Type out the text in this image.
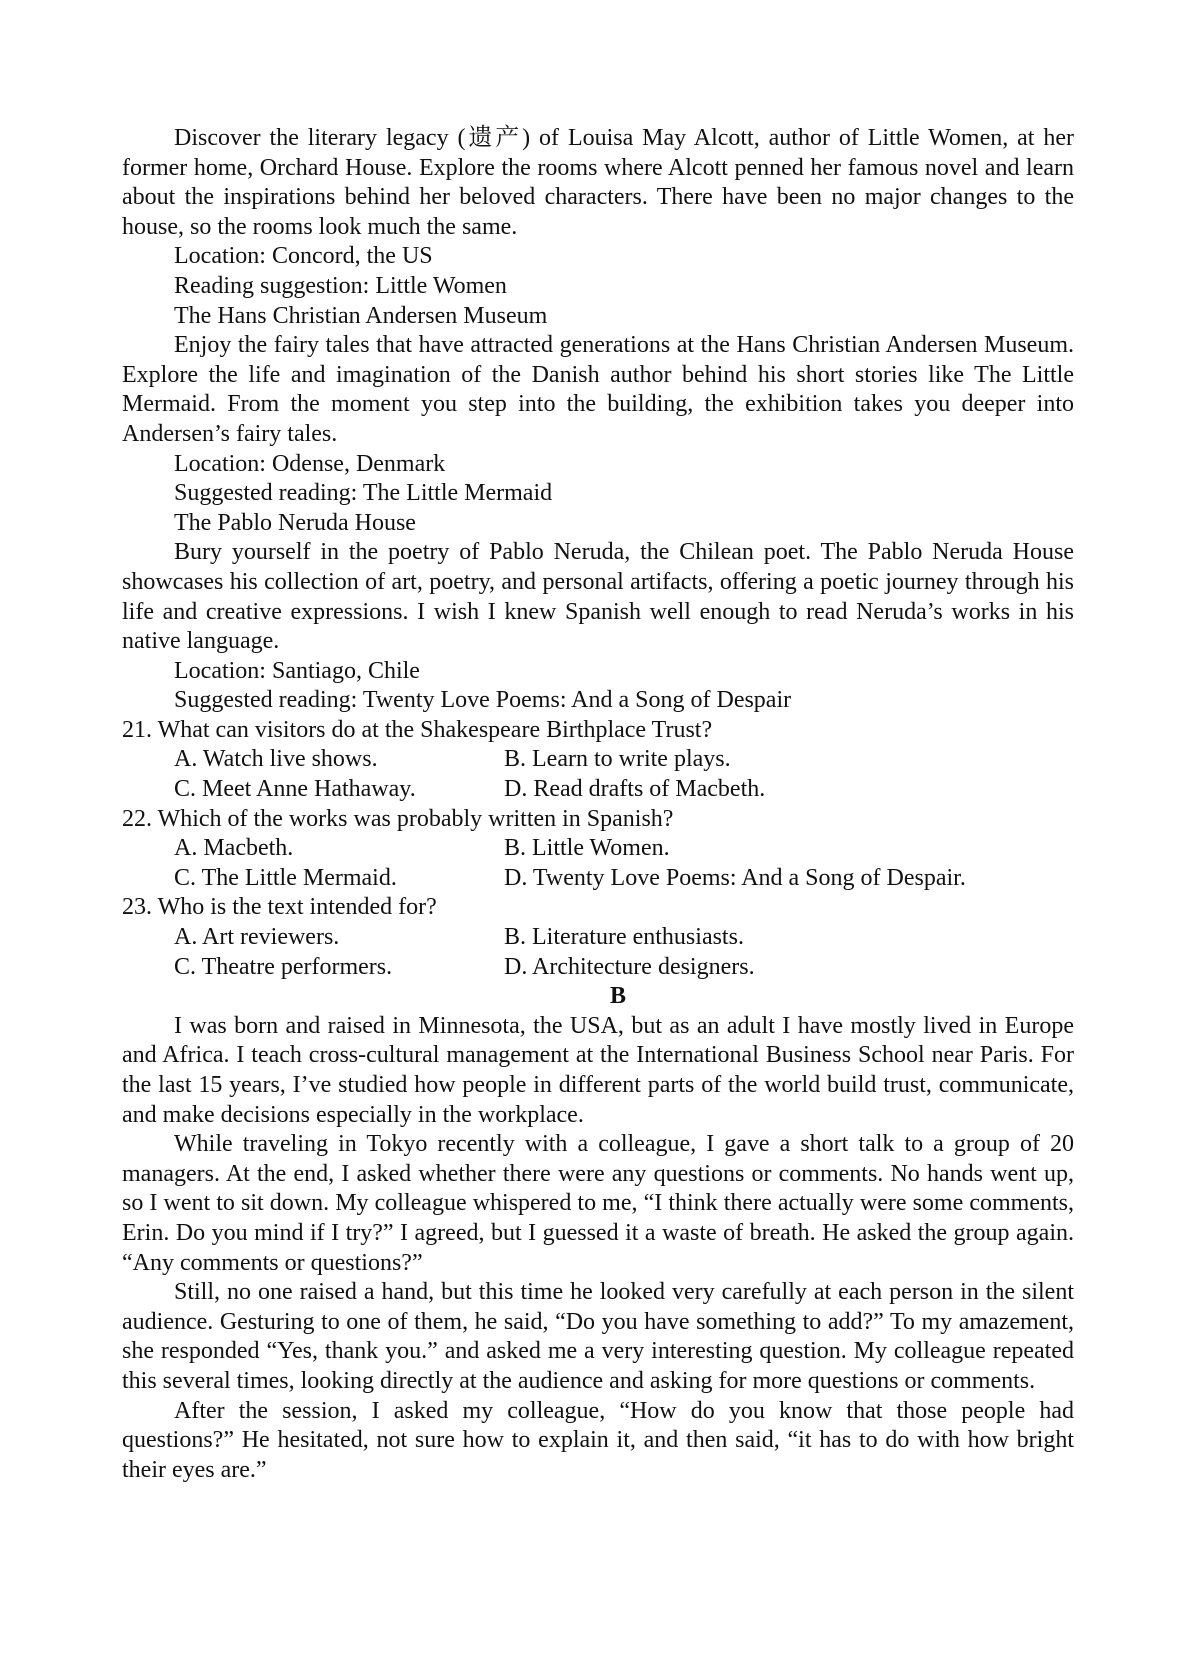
Discover the literary legacy (遗产) of Louisa May Alcott, author of Little Women, at her former home, Orchard House. Explore the rooms where Alcott penned her famous novel and learn about the inspirations behind her beloved characters. There have been no major changes to the house, so the rooms look much the same.

Location: Concord, the US

Reading suggestion: Little Women

The Hans Christian Andersen Museum

Enjoy the fairy tales that have attracted generations at the Hans Christian Andersen Museum. Explore the life and imagination of the Danish author behind his short stories like The Little Mermaid. From the moment you step into the building, the exhibition takes you deeper into Andersen’s fairy tales.

Location: Odense, Denmark

Suggested reading: The Little Mermaid

The Pablo Neruda House

Bury yourself in the poetry of Pablo Neruda, the Chilean poet. The Pablo Neruda House showcases his collection of art, poetry, and personal artifacts, offering a poetic journey through his life and creative expressions. I wish I knew Spanish well enough to read Neruda’s works in his native language.

Location: Santiago, Chile

Suggested reading: Twenty Love Poems: And a Song of Despair

21. What can visitors do at the Shakespeare Birthplace Trust?

A. Watch live shows.	B. Learn to write plays.
C. Meet Anne Hathaway.	D. Read drafts of Macbeth.

22. Which of the works was probably written in Spanish?

A. Macbeth.	B. Little Women.
C. The Little Mermaid.	D. Twenty Love Poems: And a Song of Despair.

23. Who is the text intended for?

A. Art reviewers.	B. Literature enthusiasts.
C. Theatre performers.	D. Architecture designers.

B

I was born and raised in Minnesota, the USA, but as an adult I have mostly lived in Europe and Africa. I teach cross-cultural management at the International Business School near Paris. For the last 15 years, I’ve studied how people in different parts of the world build trust, communicate, and make decisions especially in the workplace.

While traveling in Tokyo recently with a colleague, I gave a short talk to a group of 20 managers. At the end, I asked whether there were any questions or comments. No hands went up, so I went to sit down. My colleague whispered to me, “I think there actually were some comments, Erin. Do you mind if I try?” I agreed, but I guessed it a waste of breath. He asked the group again. “Any comments or questions?”

Still, no one raised a hand, but this time he looked very carefully at each person in the silent audience. Gesturing to one of them, he said, “Do you have something to add?” To my amazement, she responded “Yes, thank you.” and asked me a very interesting question. My colleague repeated this several times, looking directly at the audience and asking for more questions or comments.

After the session, I asked my colleague, “How do you know that those people had questions?” He hesitated, not sure how to explain it, and then said, “it has to do with how bright their eyes are.”
